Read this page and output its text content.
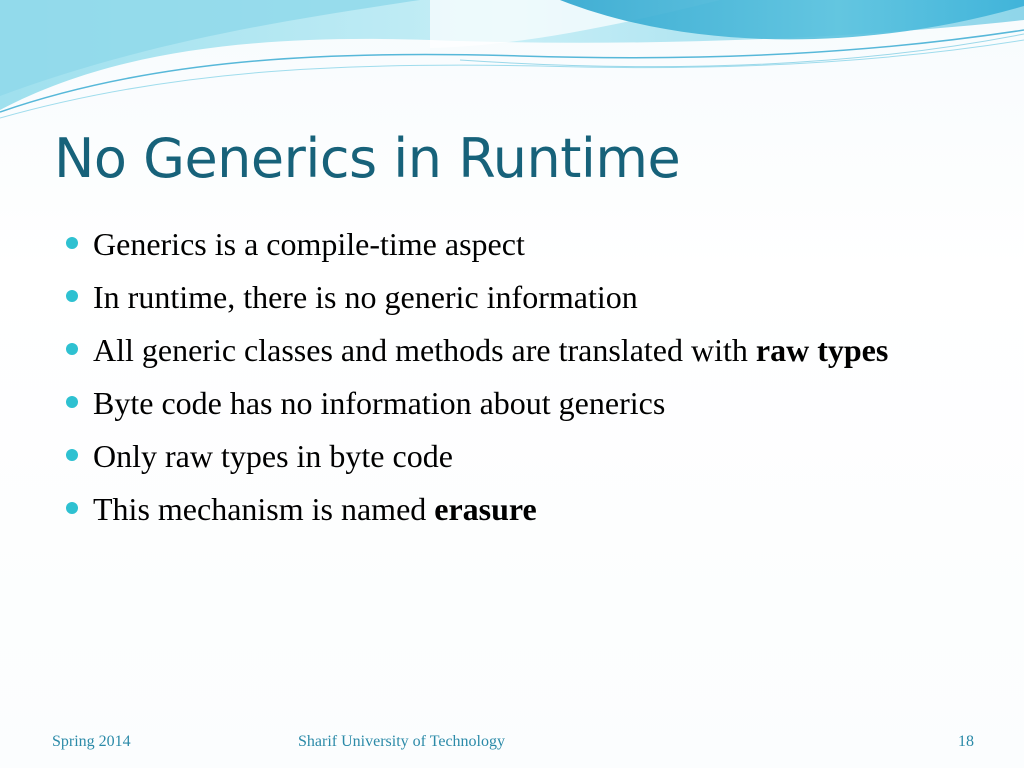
No Generics in Runtime
Generics is a compile-time aspect
In runtime, there is no generic information
All generic classes and methods are translated with raw types
Byte code has no information about generics
Only raw types in byte code
This mechanism is named erasure
Spring 2014	Sharif University of Technology	18
